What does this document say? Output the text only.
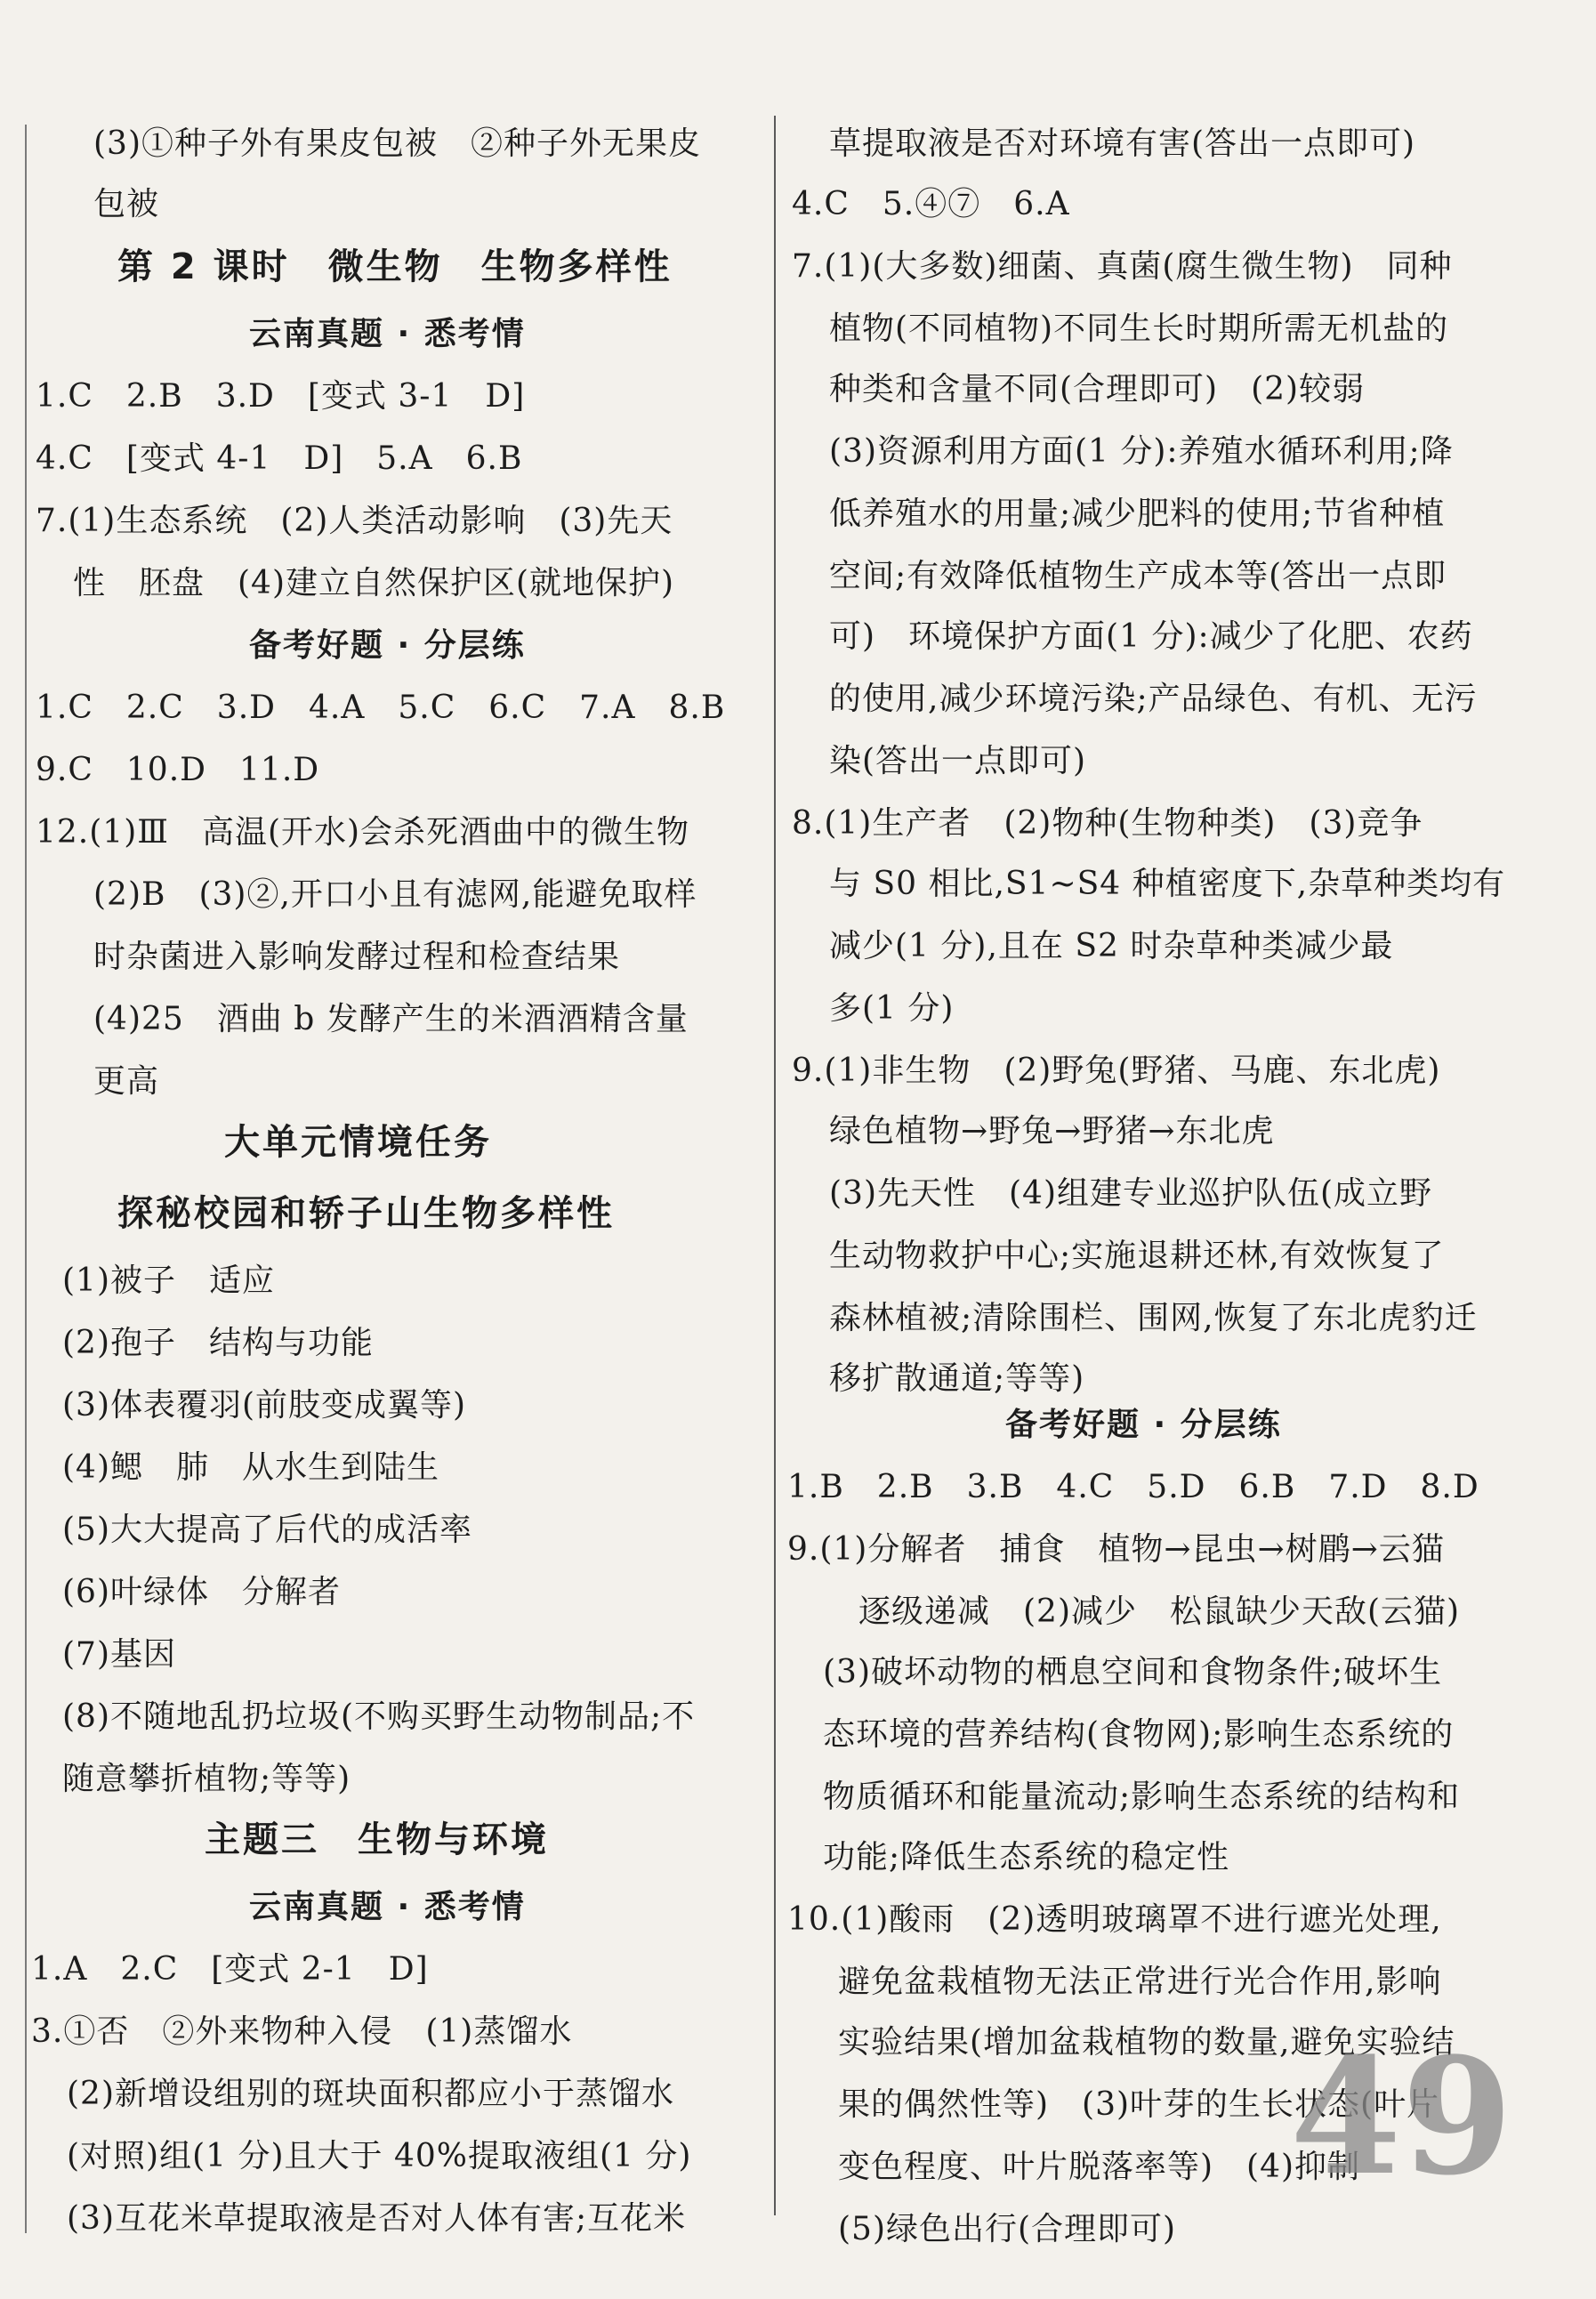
(3)①种子外有果皮包被　②种子外无果皮
包被
第 2 课时　微生物　生物多样性
云南真题 · 悉考情
1.C　2.B　3.D　[变式 3-1　D]
4.C　[变式 4-1　D]　5.A　6.B
7.(1)生态系统　(2)人类活动影响　(3)先天
性　胚盘　(4)建立自然保护区(就地保护)
备考好题 · 分层练
1.C　2.C　3.D　4.A　5.C　6.C　7.A　8.B
9.C　10.D　11.D
12.(1)Ⅲ　高温(开水)会杀死酒曲中的微生物
(2)B　(3)②,开口小且有滤网,能避免取样
时杂菌进入影响发酵过程和检查结果
(4)25　酒曲 b 发酵产生的米酒酒精含量
更高
大单元情境任务
探秘校园和轿子山生物多样性
(1)被子　适应
(2)孢子　结构与功能
(3)体表覆羽(前肢变成翼等)
(4)鳃　肺　从水生到陆生
(5)大大提高了后代的成活率
(6)叶绿体　分解者
(7)基因
(8)不随地乱扔垃圾(不购买野生动物制品;不
随意攀折植物;等等)
主题三　生物与环境
云南真题 · 悉考情
1.A　2.C　[变式 2-1　D]
3.①否　②外来物种入侵　(1)蒸馏水
(2)新增设组别的斑块面积都应小于蒸馏水
(对照)组(1 分)且大于 40%提取液组(1 分)
(3)互花米草提取液是否对人体有害;互花米
草提取液是否对环境有害(答出一点即可)
4.C　5.④⑦　6.A
7.(1)(大多数)细菌、真菌(腐生微生物)　同种
植物(不同植物)不同生长时期所需无机盐的
种类和含量不同(合理即可)　(2)较弱
(3)资源利用方面(1 分):养殖水循环利用;降
低养殖水的用量;减少肥料的使用;节省种植
空间;有效降低植物生产成本等(答出一点即
可)　环境保护方面(1 分):减少了化肥、农药
的使用,减少环境污染;产品绿色、有机、无污
染(答出一点即可)
8.(1)生产者　(2)物种(生物种类)　(3)竞争
与 S0 相比,S1~S4 种植密度下,杂草种类均有
减少(1 分),且在 S2 时杂草种类减少最
多(1 分)
9.(1)非生物　(2)野兔(野猪、马鹿、东北虎)
绿色植物→野兔→野猪→东北虎
(3)先天性　(4)组建专业巡护队伍(成立野
生动物救护中心;实施退耕还林,有效恢复了
森林植被;清除围栏、围网,恢复了东北虎豹迁
移扩散通道;等等)
备考好题 · 分层练
1.B　2.B　3.B　4.C　5.D　6.B　7.D　8.D
9.(1)分解者　捕食　植物→昆虫→树鹛→云猫
逐级递减　(2)减少　松鼠缺少天敌(云猫)
(3)破坏动物的栖息空间和食物条件;破坏生
态环境的营养结构(食物网);影响生态系统的
物质循环和能量流动;影响生态系统的结构和
功能;降低生态系统的稳定性
10.(1)酸雨　(2)透明玻璃罩不进行遮光处理,
避免盆栽植物无法正常进行光合作用,影响
实验结果(增加盆栽植物的数量,避免实验结
果的偶然性等)　(3)叶芽的生长状态(叶片
变色程度、叶片脱落率等)　(4)抑制
(5)绿色出行(合理即可)
49
